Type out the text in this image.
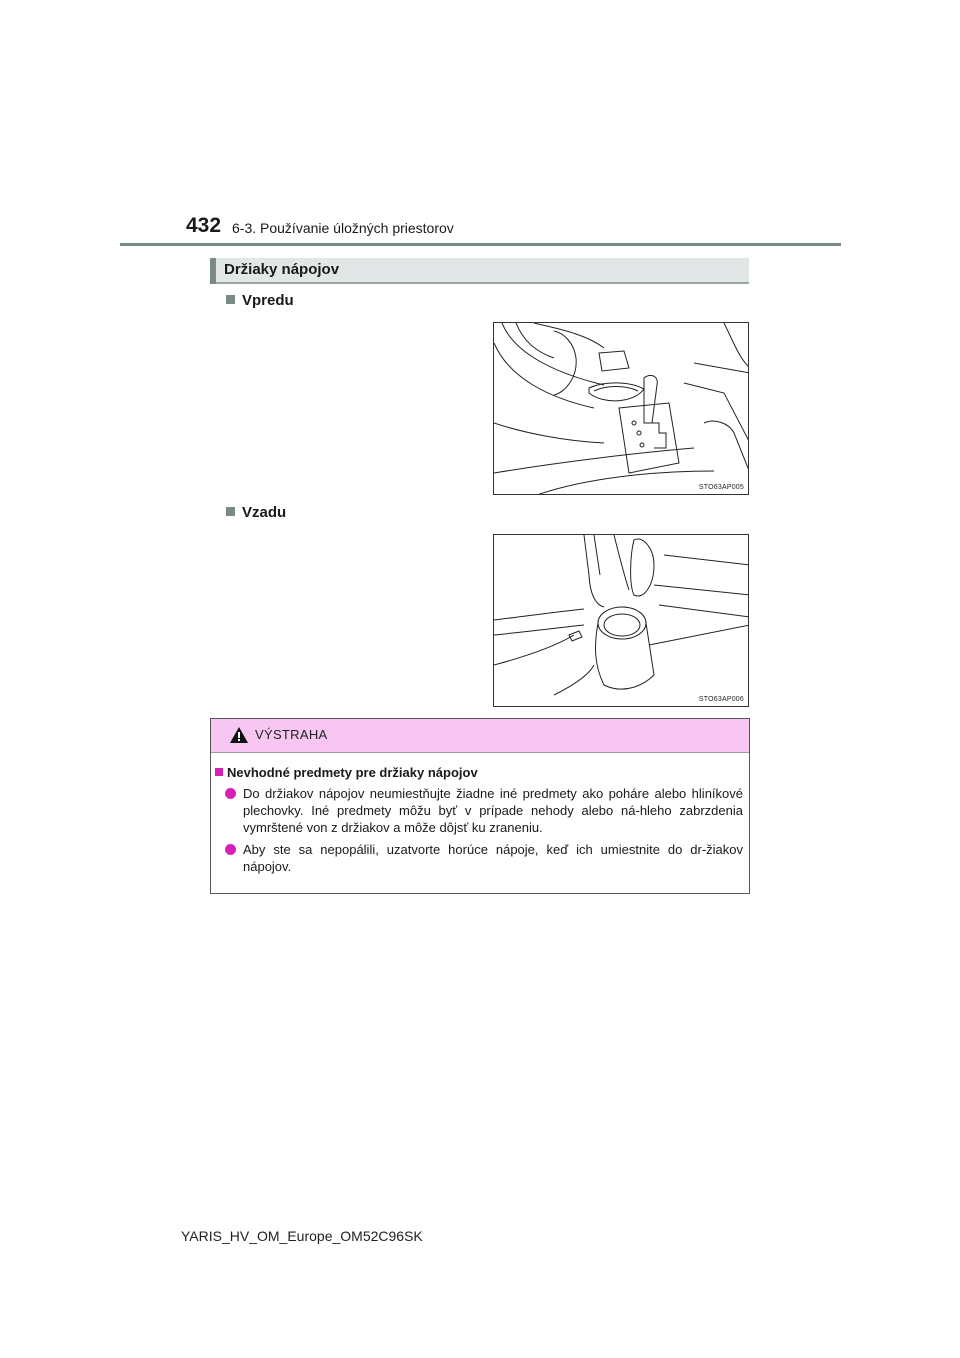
432 6-3. Používanie úložných priestorov
Držiaky nápojov
Vpredu
STO63AP005
Vzadu
STO63AP006
VÝSTRAHA
Nevhodné predmety pre držiaky nápojov
Do držiakov nápojov neumiestňujte žiadne iné predmety ako poháre alebo hliníkové plechovky. Iné predmety môžu byť v prípade nehody alebo ná-hleho zabrzdenia vymrštené von z držiakov a môže dôjsť ku zraneniu.
Aby ste sa nepopálili, uzatvorte horúce nápoje, keď ich umiestnite do dr-žiakov nápojov.
YARIS_HV_OM_Europe_OM52C96SK
